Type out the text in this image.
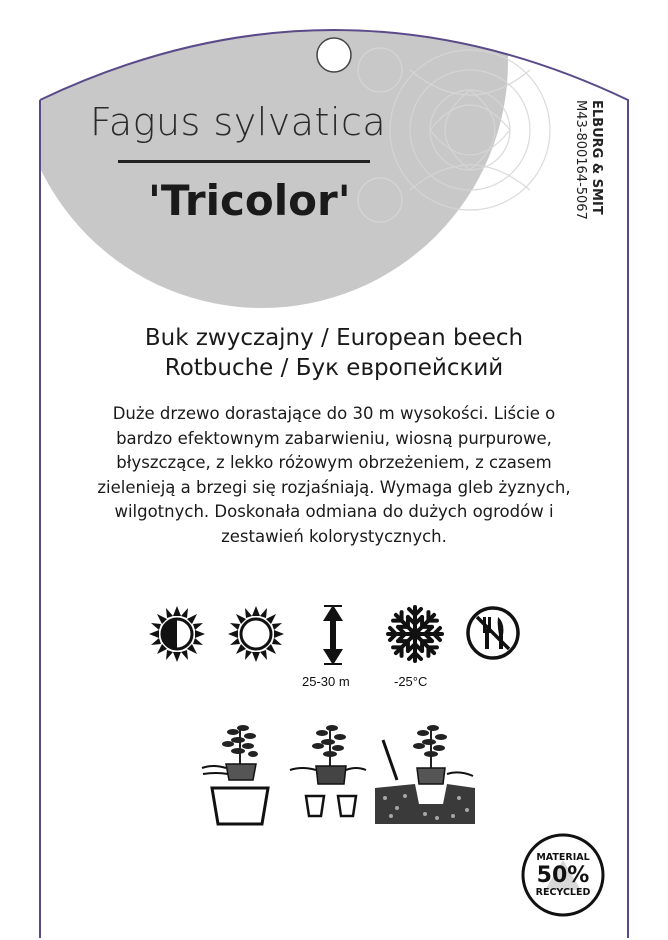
Fagus sylvatica
'Tricolor'	ELBURG & SMIT
M43-800164-5067
Buk zwyczajny / European beech
Rotbuche / Бук европейский
Duże drzewo dorastające do 30 m wysokości. Liście o
bardzo efektownym zabarwieniu, wiosną purpurowe,
błyszczące, z lekko różowym obrzeżeniem, z czasem
zielenieją a brzegi się rozjaśniają. Wymaga gleb żyznych,
wilgotnych. Doskonała odmiana do dużych ogrodów i
zestawień kolorystycznych.
25-30 m	-25°C
MATERIAL
50%
RECYCLED
